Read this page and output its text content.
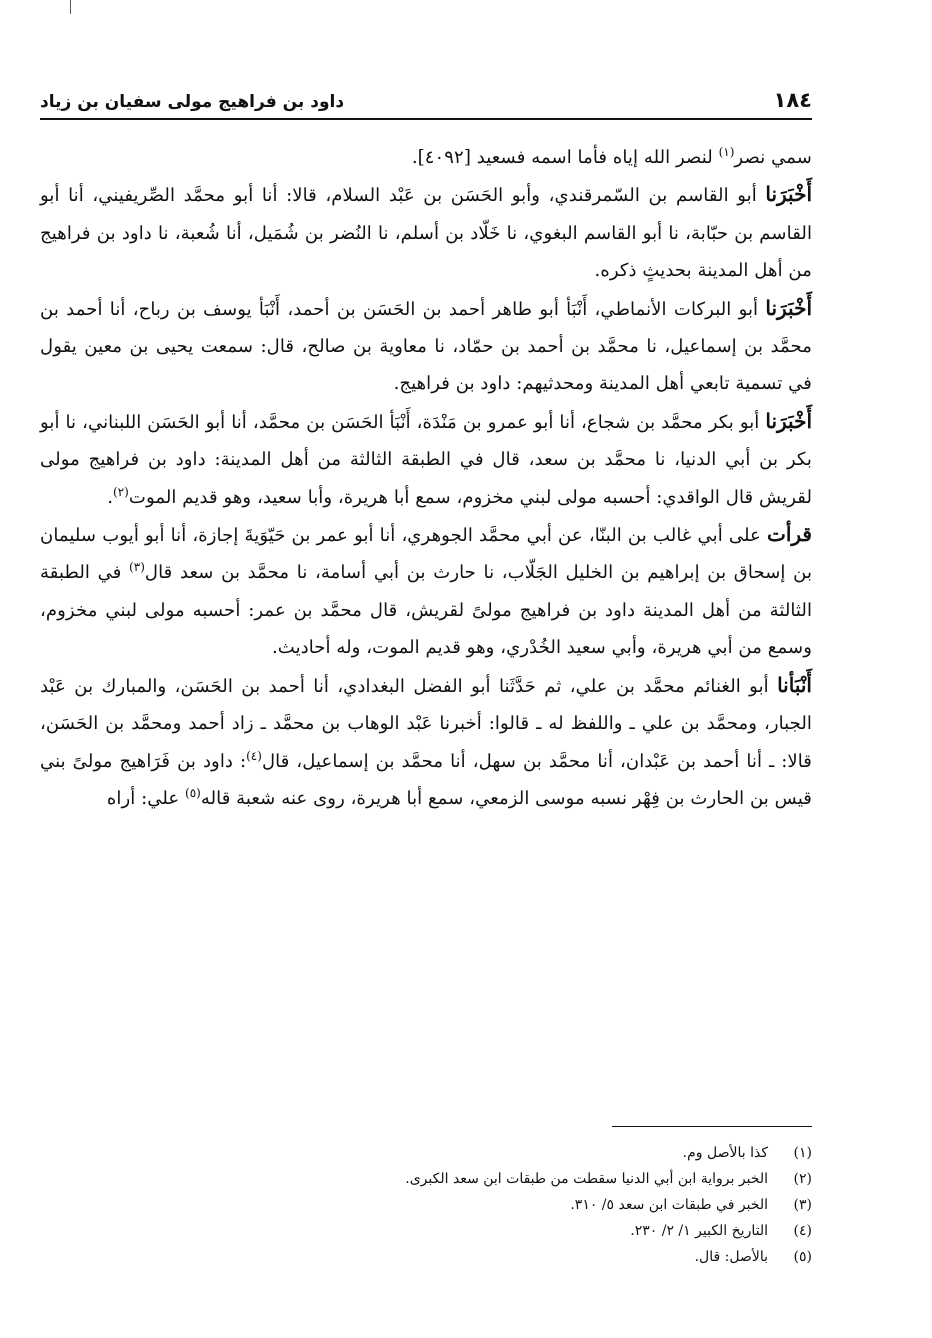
١٨٤
داود بن فراهيج مولى سفيان بن زياد

سمي نصر$^{(١)}$ لنصر الله إياه فأما اسمه فسعيد [٤٠٩٢].

أَخْبَرَنا أبو القاسم بن السّمرقندي، وأبو الحَسَن بن عَبْد السلام، قالا: أنا أبو محمَّد الصِّريفيني، أنا أبو القاسم بن حبّابة، نا أبو القاسم البغوي، نا خَلّاد بن أسلم، نا النُضر بن شُمَيل، أنا شُعبة، نا داود بن فراهيج من أهل المدينة بحديثٍ ذكره.

أَخْبَرَنا أبو البركات الأنماطي، أَنْبَأ أبو طاهر أحمد بن الحَسَن بن أحمد، أَنْبَأ يوسف بن رباح، أنا أحمد بن محمَّد بن إسماعيل، نا محمَّد بن أحمد بن حمّاد، نا معاوية بن صالح، قال: سمعت يحيى بن معين يقول في تسمية تابعي أهل المدينة ومحدثيهم: داود بن فراهيج.

أَخْبَرَنا أبو بكر محمَّد بن شجاع، أنا أبو عمرو بن مَنْدَة، أَنْبَأ الحَسَن بن محمَّد، أنا أبو الحَسَن اللبناني، نا أبو بكر بن أبي الدنيا، نا محمَّد بن سعد، قال في الطبقة الثالثة من أهل المدينة: داود بن فراهيج مولى لقريش قال الواقدي: أحسبه مولى لبني مخزوم، سمع أبا هريرة، وأبا سعيد، وهو قديم الموت$^{(٢)}$.

قرأت على أبي غالب بن البنّا، عن أبي محمَّد الجوهري، أنا أبو عمر بن حَيّوَيةَ إجازة، أنا أبو أيوب سليمان بن إسحاق بن إبراهيم بن الخليل الجَلّاب، نا حارث بن أبي أسامة، نا محمَّد بن سعد قال$^{(٣)}$ في الطبقة الثالثة من أهل المدينة داود بن فراهيج مولىً لقريش، قال محمَّد بن عمر: أحسبه مولى لبني مخزوم، وسمع من أبي هريرة، وأبي سعيد الخُدْري، وهو قديم الموت، وله أحاديث.

أَنْبَأنا أبو الغنائم محمَّد بن علي، ثم حَدَّثَنا أبو الفضل البغدادي، أنا أحمد بن الحَسَن، والمبارك بن عَبْد الجبار، ومحمَّد بن علي ـ واللفظ له ـ قالوا: أخبرنا عَبْد الوهاب بن محمَّد ـ زاد أحمد ومحمَّد بن الحَسَن، قالا: ـ أنا أحمد بن عَبْدان، أنا محمَّد بن سهل، أنا محمَّد بن إسماعيل، قال$^{(٤)}$: داود بن فَرَاهيج مولىً بني قيس بن الحارث بن فِهْر نسبه موسى الزمعي، سمع أبا هريرة، روى عنه شعبة قاله$^{(٥)}$ علي: أراه

(١)
كذا بالأصل وم.
(٢)
الخبر برواية ابن أبي الدنيا سقطت من طبقات ابن سعد الكبرى.
(٣)
الخبر في طبقات ابن سعد ٥/ ٣١٠.
(٤)
التاريخ الكبير ١/ ٢/ ٢٣٠.
(٥)
بالأصل: قال.
